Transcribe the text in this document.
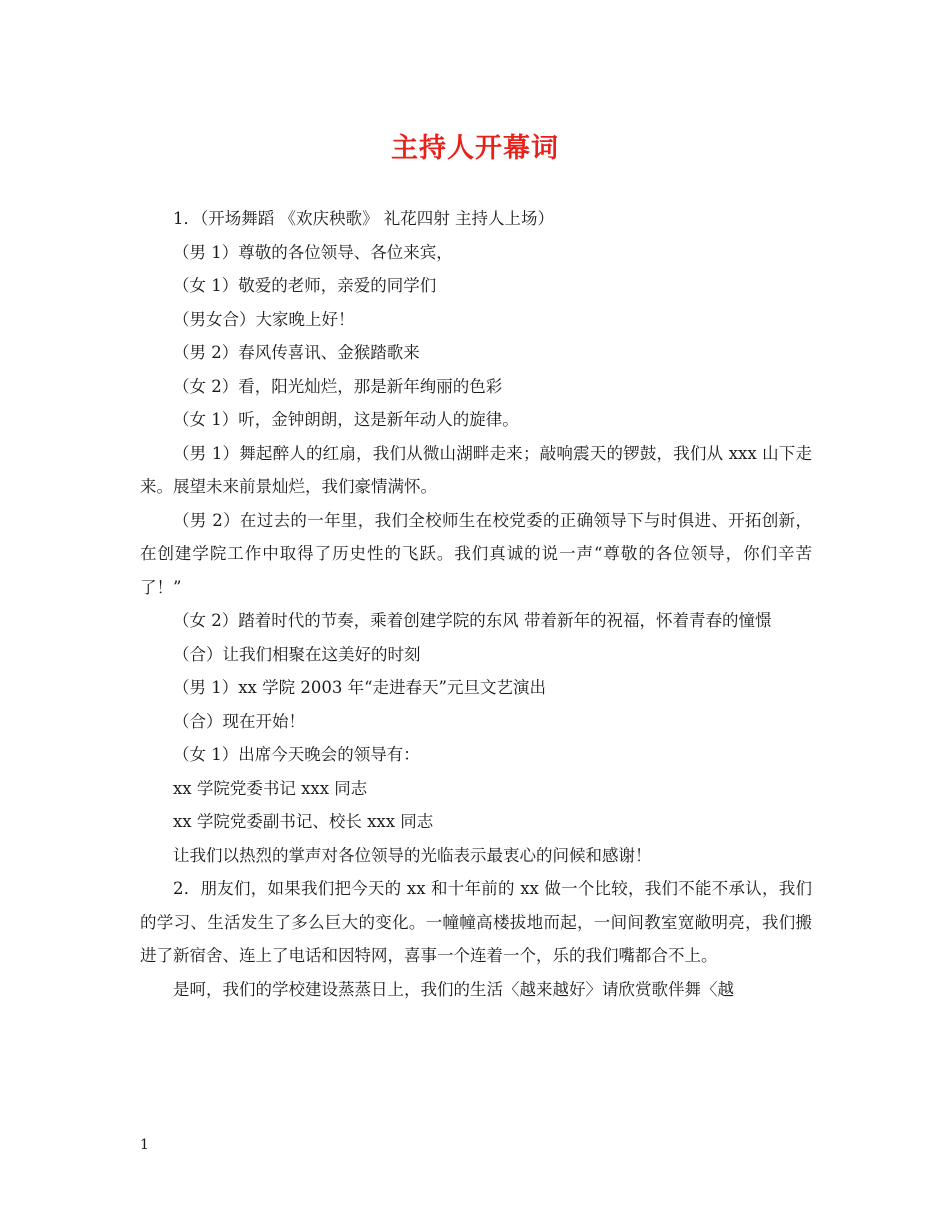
主持人开幕词

1．（开场舞蹈 《欢庆秧歌》 礼花四射 主持人上场）

（男 1）尊敬的各位领导、各位来宾，

（女 1）敬爱的老师，亲爱的同学们

（男女合）大家晚上好！

（男 2）春风传喜讯、金猴踏歌来

（女 2）看，阳光灿烂，那是新年绚丽的色彩

（女 1）听，金钟朗朗，这是新年动人的旋律。

（男 1）舞起醉人的红扇，我们从微山湖畔走来；敲响震天的锣鼓，我们从 xxx 山下走来。展望未来前景灿烂，我们豪情满怀。

（男 2）在过去的一年里，我们全校师生在校党委的正确领导下与时俱进、开拓创新，在创建学院工作中取得了历史性的飞跃。我们真诚的说一声“尊敬的各位领导，你们辛苦了！”

（女 2）踏着时代的节奏，乘着创建学院的东风 带着新年的祝福，怀着青春的憧憬

（合）让我们相聚在这美好的时刻

（男 1）xx 学院 2003 年“走进春天”元旦文艺演出

（合）现在开始！

（女 1）出席今天晚会的领导有：

xx 学院党委书记 xxx 同志

xx 学院党委副书记、校长 xxx 同志

让我们以热烈的掌声对各位领导的光临表示最衷心的问候和感谢！

2．朋友们，如果我们把今天的 xx 和十年前的 xx 做一个比较，我们不能不承认，我们的学习、生活发生了多么巨大的变化。一幢幢高楼拔地而起，一间间教室宽敞明亮，我们搬进了新宿舍、连上了电话和因特网，喜事一个连着一个，乐的我们嘴都合不上。

是呵，我们的学校建设蒸蒸日上，我们的生活〈越来越好〉请欣赏歌伴舞〈越

1
